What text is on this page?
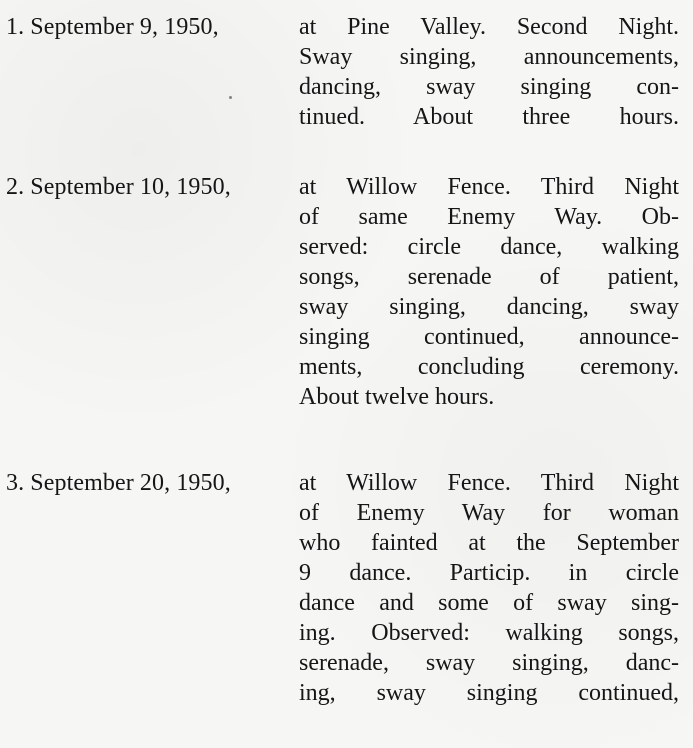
1. September 9, 1950,	at Pine Valley. Second Night.
Sway singing, announcements,
dancing, sway singing con-
tinued. About three hours.
2. September 10, 1950,	at Willow Fence. Third Night
of same Enemy Way. Ob-
served: circle dance, walking
songs, serenade of patient,
sway singing, dancing, sway
singing continued, announce-
ments, concluding ceremony.
About twelve hours.
3. September 20, 1950,	at Willow Fence. Third Night
of Enemy Way for woman
who fainted at the September
9 dance. Particip. in circle
dance and some of sway sing-
ing. Observed: walking songs,
serenade, sway singing, danc-
ing, sway singing continued,
